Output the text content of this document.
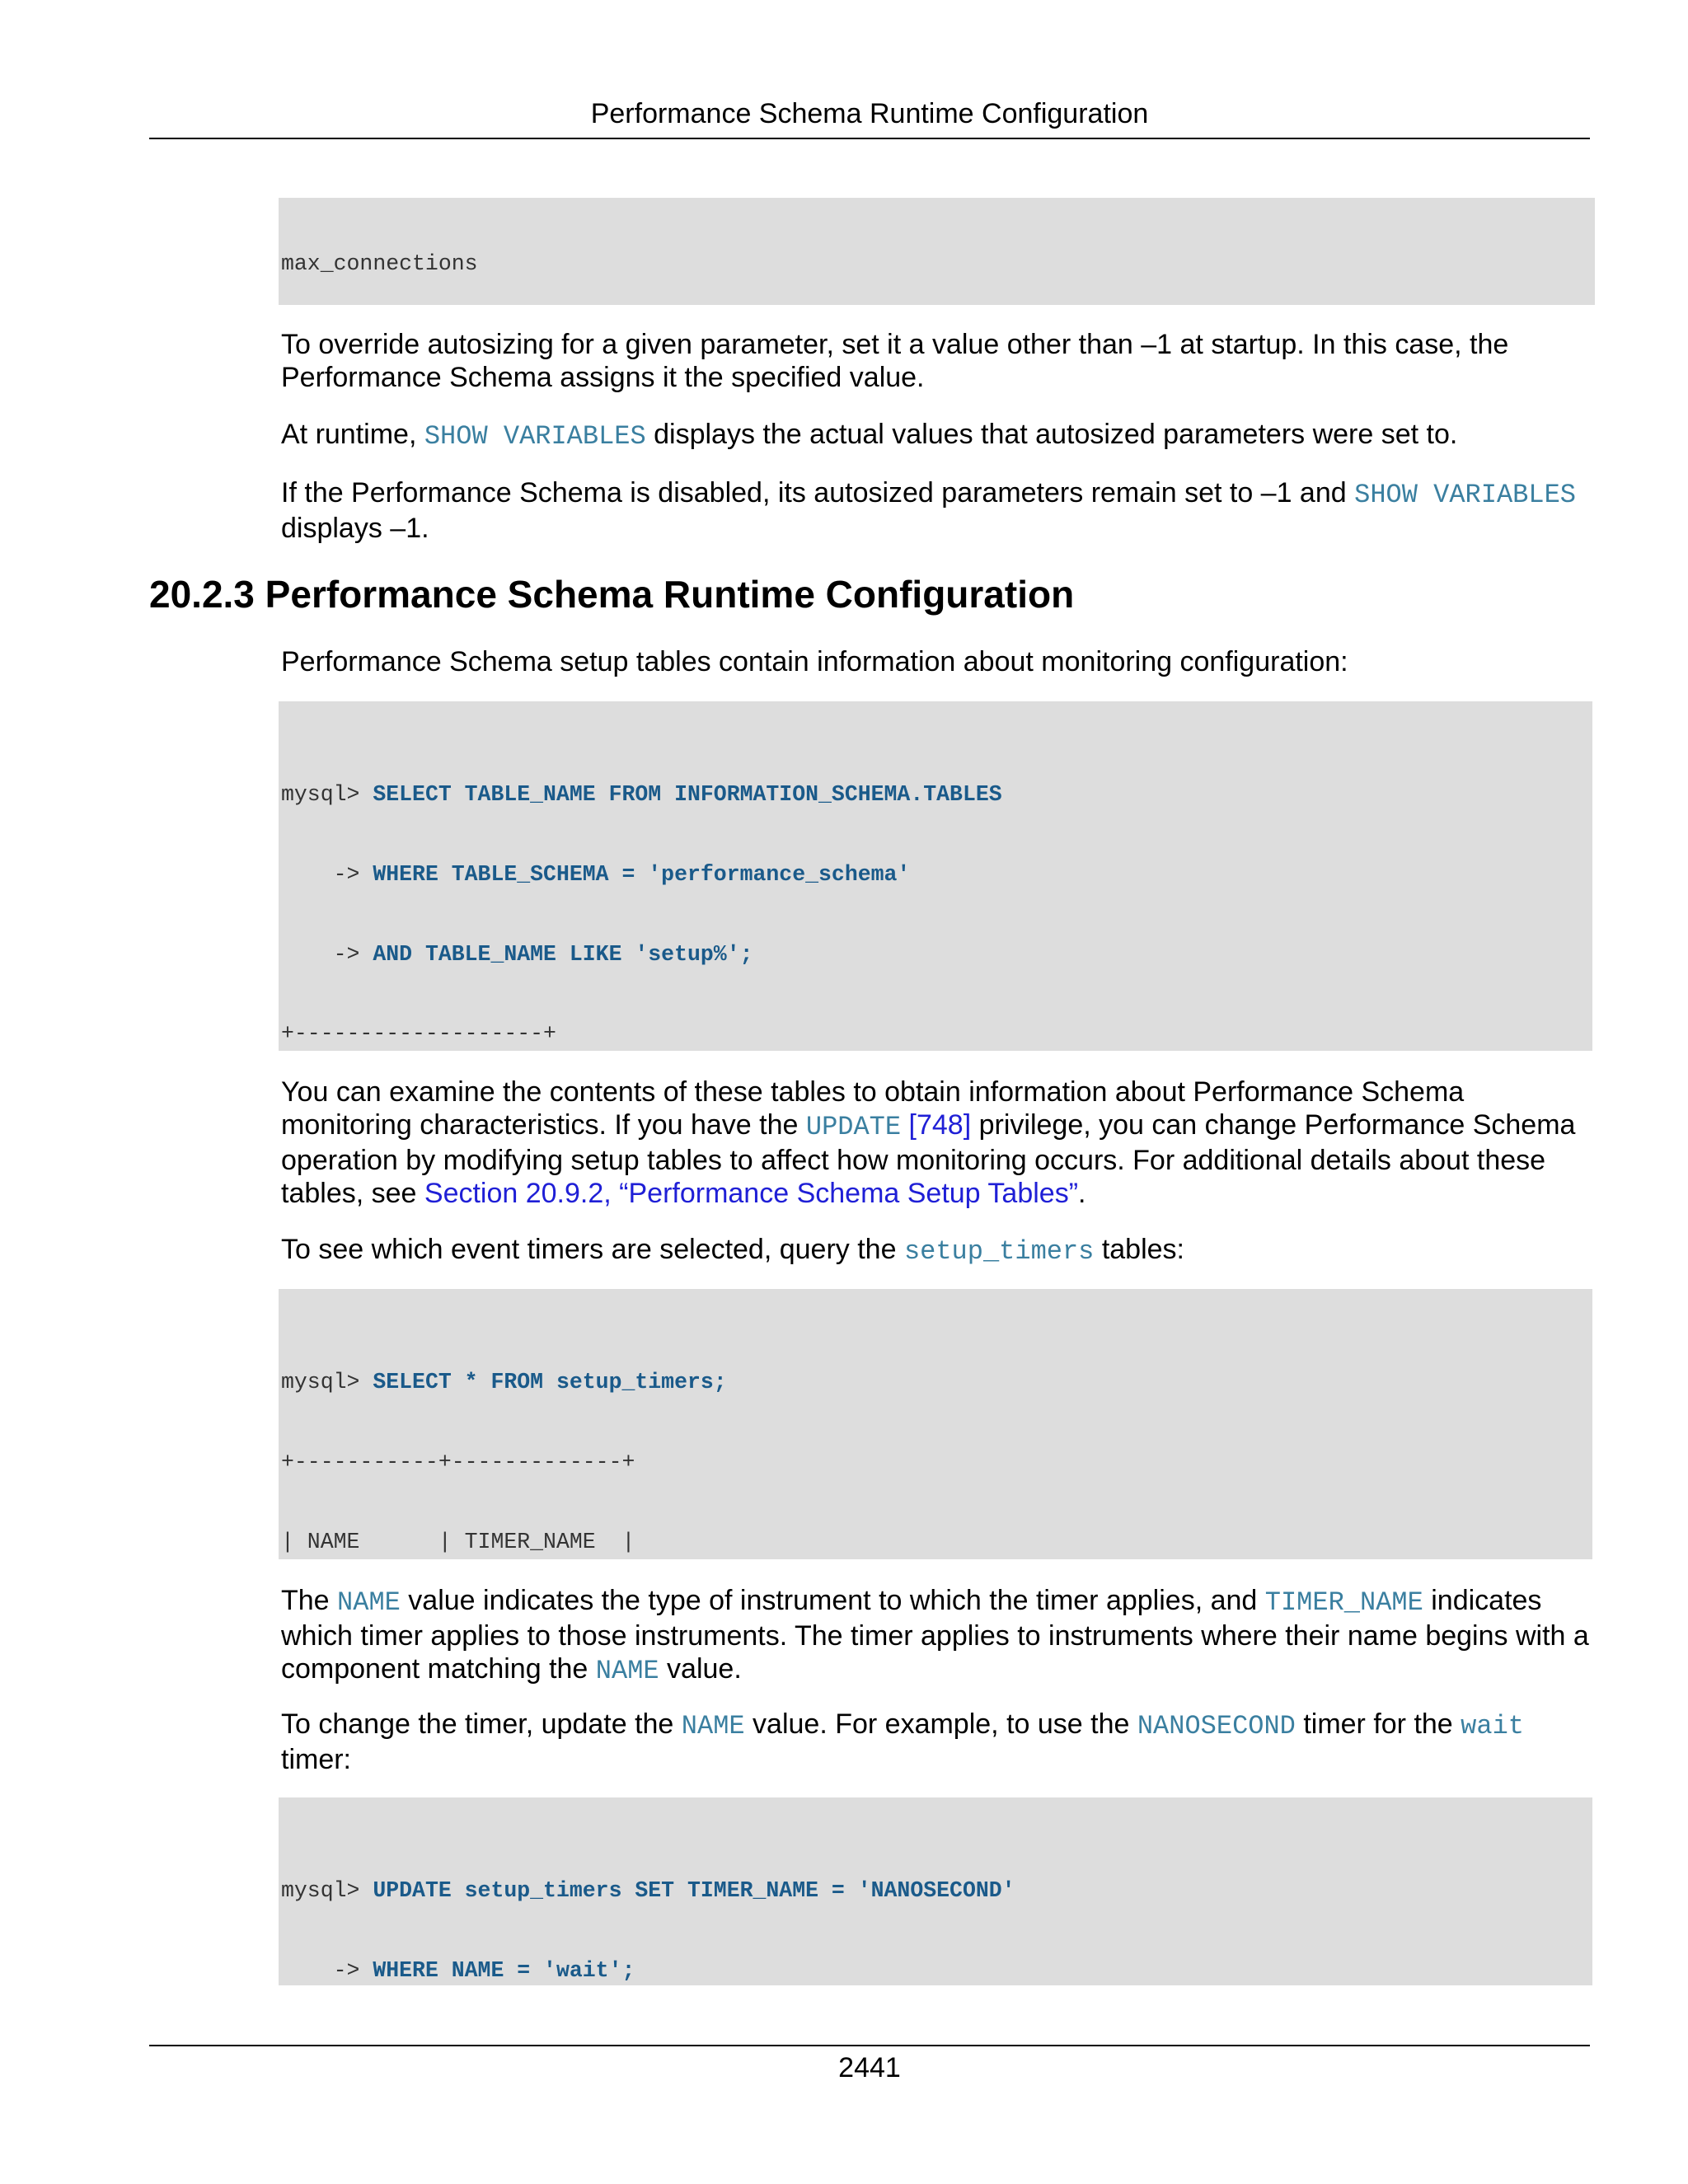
Performance Schema Runtime Configuration

max_connections

To override autosizing for a given parameter, set it a value other than –1 at startup. In this case, the Performance Schema assigns it the specified value.

At runtime, SHOW VARIABLES displays the actual values that autosized parameters were set to.

If the Performance Schema is disabled, its autosized parameters remain set to –1 and SHOW VARIABLES displays –1.

20.2.3 Performance Schema Runtime Configuration

Performance Schema setup tables contain information about monitoring configuration:

mysql> SELECT TABLE_NAME FROM INFORMATION_SCHEMA.TABLES

-> WHERE TABLE_SCHEMA = 'performance_schema'

-> AND TABLE_NAME LIKE 'setup%';

+-------------------+

You can examine the contents of these tables to obtain information about Performance Schema monitoring characteristics. If you have the UPDATE [748] privilege, you can change Performance Schema operation by modifying setup tables to affect how monitoring occurs. For additional details about these tables, see Section 20.9.2, “Performance Schema Setup Tables”.

To see which event timers are selected, query the setup_timers tables:

mysql> SELECT * FROM setup_timers;

+-----------+-------------+

| NAME      | TIMER_NAME  |

The NAME value indicates the type of instrument to which the timer applies, and TIMER_NAME indicates which timer applies to those instruments. The timer applies to instruments where their name begins with a component matching the NAME value.

To change the timer, update the NAME value. For example, to use the NANOSECOND timer for the wait timer:

mysql> UPDATE setup_timers SET TIMER_NAME = 'NANOSECOND'

-> WHERE NAME = 'wait';

2441
